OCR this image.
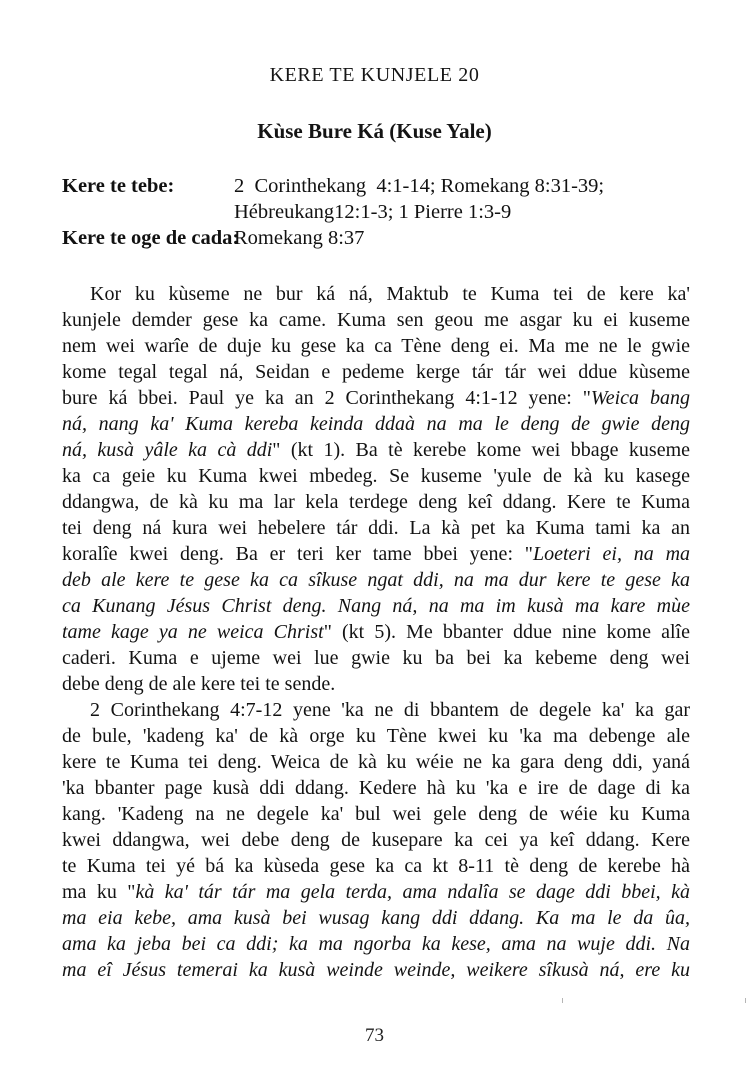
KERE TE KUNJELE 20
Kùse Bure Ká (Kuse Yale)
Kere te tebe:	2  Corinthekang  4:1-14; Romekang 8:31-39;
Hébreukang12:1-3; 1 Pierre 1:3-9
Kere te oge de cada:
Romekang 8:37
Kor ku kùseme ne bur ká ná, Maktub te Kuma tei de kere ka'
kunjele demder gese ka came. Kuma sen geou me asgar ku ei kuseme
nem wei warîe de duje ku gese ka ca Tène deng ei. Ma me ne le gwie
kome tegal tegal ná, Seidan e pedeme kerge tár tár wei ddue kùseme
bure ká bbei. Paul ye ka an 2 Corinthekang 4:1-12 yene: "Weica bang
ná, nang ka' Kuma kereba keinda ddaà na ma le deng de gwie deng
ná, kusà yâle ka cà ddi" (kt 1). Ba tè kerebe kome wei bbage kuseme
ka ca geie ku Kuma kwei mbedeg. Se kuseme 'yule de kà ku kasege
ddangwa, de kà ku ma lar kela terdege deng keî ddang. Kere te Kuma
tei deng ná kura wei hebelere tár ddi. La kà pet ka Kuma tami ka an
koralîe kwei deng. Ba er teri ker tame bbei yene: "Loeteri ei, na ma
deb ale kere te gese ka ca sîkuse ngat ddi, na ma dur kere te gese ka
ca Kunang Jésus Christ deng. Nang ná, na ma im kusà ma kare mùe
tame kage ya ne weica Christ" (kt 5). Me bbanter ddue nine kome alîe
caderi. Kuma e ujeme wei lue gwie ku ba bei ka kebeme deng wei
debe deng de ale kere tei te sende.
2 Corinthekang 4:7-12 yene 'ka ne di bbantem de degele ka' ka gar
de bule, 'kadeng ka' de kà orge ku Tène kwei ku 'ka ma debenge ale
kere te Kuma tei deng. Weica de kà ku wéie ne ka gara deng ddi, yaná
'ka bbanter page kusà ddi ddang. Kedere hà ku 'ka e ire de dage di ka
kang. 'Kadeng na ne degele ka' bul wei gele deng de wéie ku Kuma
kwei ddangwa, wei debe deng de kusepare ka cei ya keî ddang. Kere
te Kuma tei yé bá ka kùseda gese ka ca kt 8-11 tè deng de kerebe hà
ma ku "kà ka' tár tár ma gela terda, ama ndalîa se dage ddi bbei, kà
ma eia kebe, ama kusà bei wusag kang ddi ddang. Ka ma le da ûa,
ama ka jeba bei ca ddi; ka ma ngorba ka kese, ama na wuje ddi. Na
ma eî Jésus temerai ka kusà weinde weinde, weikere sîkusà ná, ere ku
73
